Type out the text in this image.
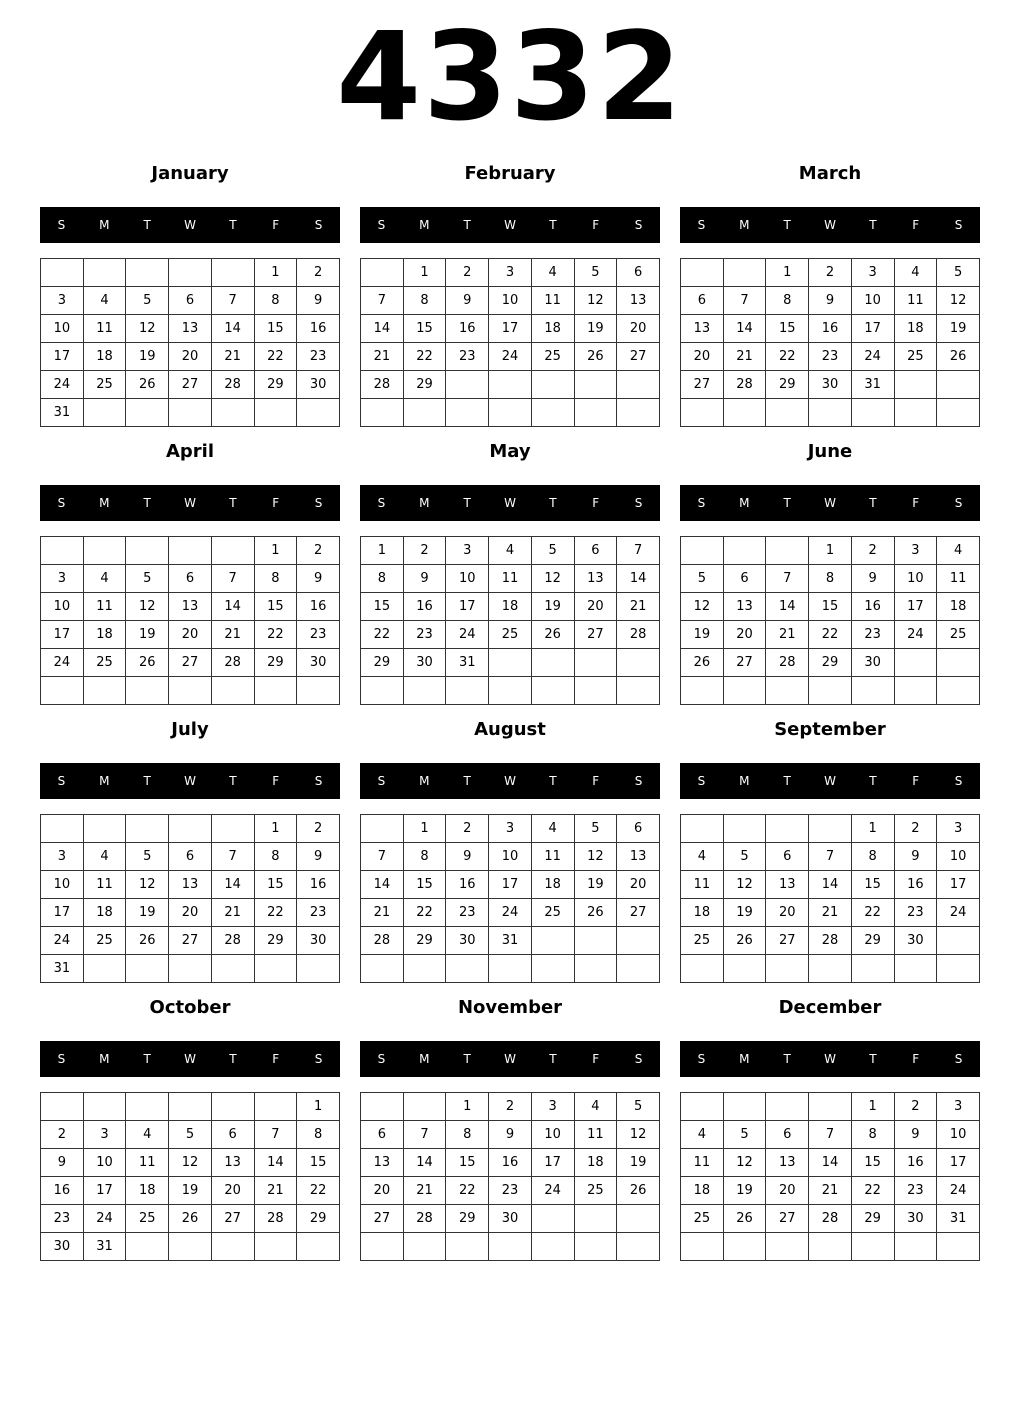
4332
January
S	M	T	W	T	F	S
					1	2
3	4	5	6	7	8	9
10	11	12	13	14	15	16
17	18	19	20	21	22	23
24	25	26	27	28	29	30
31						
February
S	M	T	W	T	F	S
	1	2	3	4	5	6
7	8	9	10	11	12	13
14	15	16	17	18	19	20
21	22	23	24	25	26	27
28	29					

March
S	M	T	W	T	F	S
		1	2	3	4	5
6	7	8	9	10	11	12
13	14	15	16	17	18	19
20	21	22	23	24	25	26
27	28	29	30	31		

April
S	M	T	W	T	F	S
					1	2
3	4	5	6	7	8	9
10	11	12	13	14	15	16
17	18	19	20	21	22	23
24	25	26	27	28	29	30

May
S	M	T	W	T	F	S
1	2	3	4	5	6	7
8	9	10	11	12	13	14
15	16	17	18	19	20	21
22	23	24	25	26	27	28
29	30	31				

June
S	M	T	W	T	F	S
			1	2	3	4
5	6	7	8	9	10	11
12	13	14	15	16	17	18
19	20	21	22	23	24	25
26	27	28	29	30		

July
S	M	T	W	T	F	S
					1	2
3	4	5	6	7	8	9
10	11	12	13	14	15	16
17	18	19	20	21	22	23
24	25	26	27	28	29	30
31						
August
S	M	T	W	T	F	S
	1	2	3	4	5	6
7	8	9	10	11	12	13
14	15	16	17	18	19	20
21	22	23	24	25	26	27
28	29	30	31			

September
S	M	T	W	T	F	S
				1	2	3
4	5	6	7	8	9	10
11	12	13	14	15	16	17
18	19	20	21	22	23	24
25	26	27	28	29	30	

October
S	M	T	W	T	F	S
						1
2	3	4	5	6	7	8
9	10	11	12	13	14	15
16	17	18	19	20	21	22
23	24	25	26	27	28	29
30	31					
November
S	M	T	W	T	F	S
		1	2	3	4	5
6	7	8	9	10	11	12
13	14	15	16	17	18	19
20	21	22	23	24	25	26
27	28	29	30			

December
S	M	T	W	T	F	S
				1	2	3
4	5	6	7	8	9	10
11	12	13	14	15	16	17
18	19	20	21	22	23	24
25	26	27	28	29	30	31
